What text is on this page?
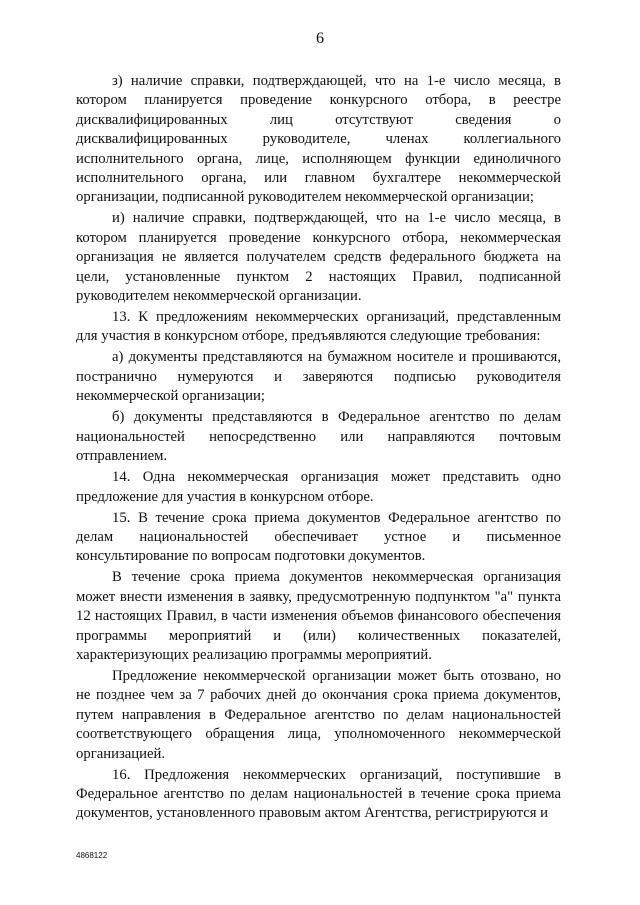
6

з) наличие справки, подтверждающей, что на 1-е число месяца, в котором планируется проведение конкурсного отбора, в реестре дисквалифицированных лиц отсутствуют сведения о дисквалифицированных руководителе, членах коллегиального исполнительного органа, лице, исполняющем функции единоличного исполнительного органа, или главном бухгалтере некоммерческой организации, подписанной руководителем некоммерческой организации;

и) наличие справки, подтверждающей, что на 1-е число месяца, в котором планируется проведение конкурсного отбора, некоммерческая организация не является получателем средств федерального бюджета на цели, установленные пунктом 2 настоящих Правил, подписанной руководителем некоммерческой организации.

13. К предложениям некоммерческих организаций, представленным для участия в конкурсном отборе, предъявляются следующие требования:

а) документы представляются на бумажном носителе и прошиваются, постранично нумеруются и заверяются подписью руководителя некоммерческой организации;

б) документы представляются в Федеральное агентство по делам национальностей непосредственно или направляются почтовым отправлением.

14. Одна некоммерческая организация может представить одно предложение для участия в конкурсном отборе.

15. В течение срока приема документов Федеральное агентство по делам национальностей обеспечивает устное и письменное консультирование по вопросам подготовки документов.

В течение срока приема документов некоммерческая организация может внести изменения в заявку, предусмотренную подпунктом "а" пункта 12 настоящих Правил, в части изменения объемов финансового обеспечения программы мероприятий и (или) количественных показателей, характеризующих реализацию программы мероприятий.

Предложение некоммерческой организации может быть отозвано, но не позднее чем за 7 рабочих дней до окончания срока приема документов, путем направления в Федеральное агентство по делам национальностей соответствующего обращения лица, уполномоченного некоммерческой организацией.

16. Предложения некоммерческих организаций, поступившие в Федеральное агентство по делам национальностей в течение срока приема документов, установленного правовым актом Агентства, регистрируются и

4868122
